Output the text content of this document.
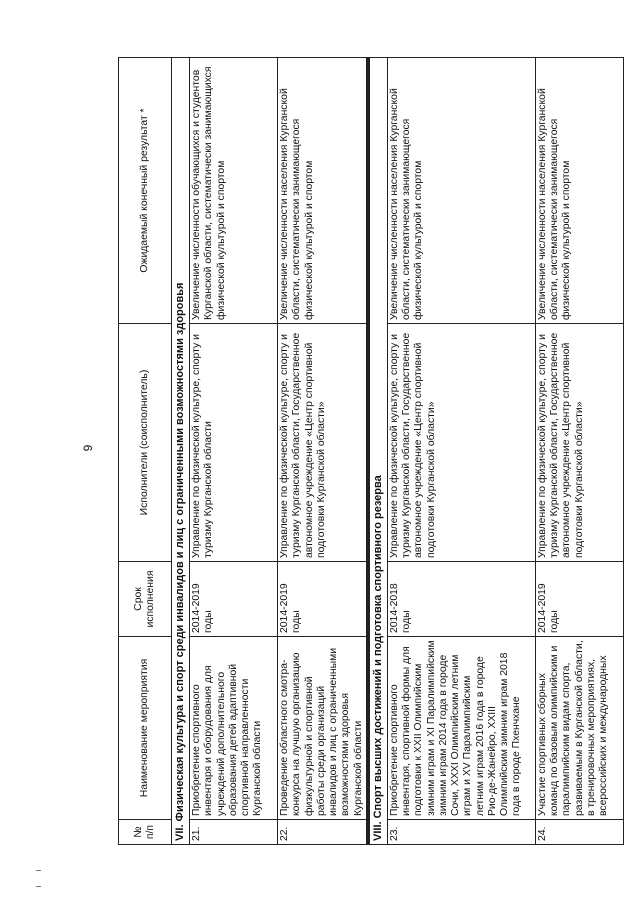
9
№ п/п	Наименование мероприятия	Срок исполнения	Исполнители (соисполнитель)	Ожидаемый конечный результат *
VII. Физическая культура и спорт среди инвалидов и лиц с ограниченными возможностями здоровья				
21.	Приобретение спортивного инвентаря и оборудования для учреждений дополнительного образования детей адаптивной спортивной направленности Курганской области	2014-2019 годы	Управление по физической культуре, спорту и туризму Курганской области	Увеличение численности обучающихся и студентов Курганской области, систематически занимающихся физической культурой и спортом
22.	Проведение областного смотра-конкурса на лучшую организацию физкультурной и спортивной работы среди организаций инвалидов и лиц с ограниченными возможностями здоровья Курганской области	2014-2019 годы	Управление по физической культуре, спорту и туризму Курганской области, Государственное автономное учреждение «Центр спортивной подготовки Курганской области»	Увеличение численности населения Курганской области, систематически занимающегося физической культурой и спортом

VIII. Спорт высших достижений и подготовка спортивного резерва				
23.	Приобретение спортивного инвентаря, спортивной формы для подготовки к XXII Олимпийским зимним играм и XI Паралимпийским зимним играм 2014 года в городе Сочи, XXXI Олимпийским летним играм и XV Паралимпийским летним играм 2016 года в городе Рио-де-Жанейро, XXIII Олимпийским зимним играм 2018 года в городе Пхенчхане	2014-2018 годы	Управление по физической культуре, спорту и туризму Курганской области, Государственное автономное учреждение «Центр спортивной подготовки Курганской области»	Увеличение численности населения Курганской области, систематически занимающегося физической культурой и спортом
24.	Участие спортивных сборных команд по базовым олимпийским и паралимпийским видам спорта, развиваемым в Курганской области, в тренировочных мероприятиях, всероссийских и международных	2014-2019 годы	Управление по физической культуре, спорту и туризму Курганской области, Государственное автономное учреждение «Центр спортивной подготовки Курганской области»	Увеличение численности населения Курганской области, систематически занимающегося физической культурой и спортом
